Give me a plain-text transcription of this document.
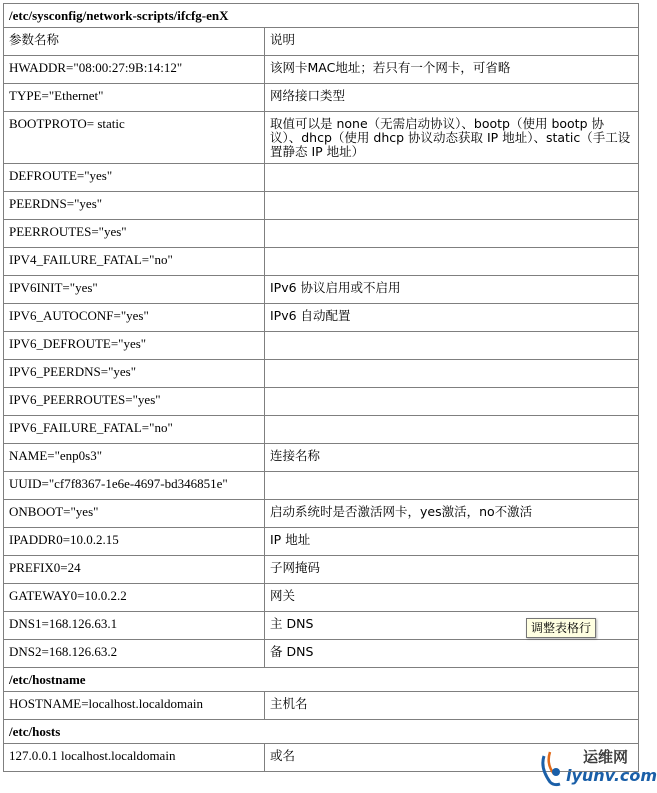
/etc/sysconfig/network-scripts/ifcfg-enX	
参数名称	说明
HWADDR="08:00:27:9B:14:12"	该网卡MAC地址；若只有一个网卡，可省略
TYPE="Ethernet"	网络接口类型
BOOTPROTO= static	取值可以是 none（无需启动协议）、bootp（使用 bootp 协议）、dhcp（使用 dhcp 协议动态获取 IP 地址）、static（手工设置静态 IP 地址）
DEFROUTE="yes"	
PEERDNS="yes"	
PEERROUTES="yes"	
IPV4_FAILURE_FATAL="no"	
IPV6INIT="yes"	IPv6 协议启用或不启用
IPV6_AUTOCONF="yes"	IPv6 自动配置
IPV6_DEFROUTE="yes"	
IPV6_PEERDNS="yes"	
IPV6_PEERROUTES="yes"	
IPV6_FAILURE_FATAL="no"	
NAME="enp0s3"	连接名称
UUID="cf7f8367-1e6e-4697-bd346851e"	
ONBOOT="yes"	启动系统时是否激活网卡，yes激活，no不激活
IPADDR0=10.0.2.15	IP 地址
PREFIX0=24	子网掩码
GATEWAY0=10.0.2.2	网关
DNS1=168.126.63.1	主 DNS
DNS2=168.126.63.2	备 DNS
/etc/hostname	
HOSTNAME=localhost.localdomain	主机名
/etc/hosts	
127.0.0.1 localhost.localdomain	或名
调整表格行
运维网
iyunv.com
